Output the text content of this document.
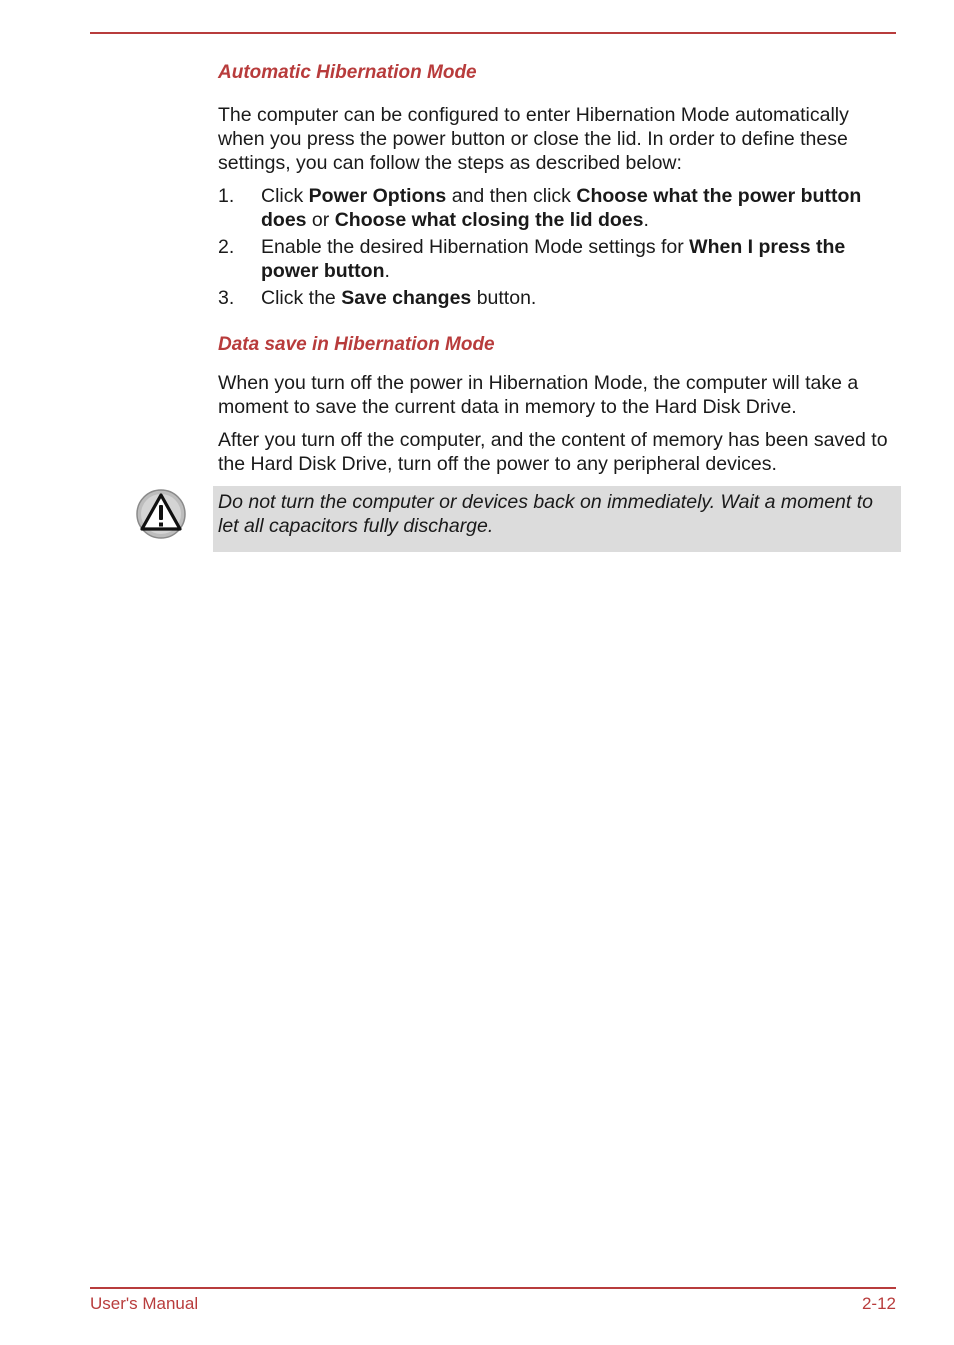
Automatic Hibernation Mode

The computer can be configured to enter Hibernation Mode automatically when you press the power button or close the lid. In order to define these settings, you can follow the steps as described below:

1.	Click Power Options and then click Choose what the power button does or Choose what closing the lid does.
2.	Enable the desired Hibernation Mode settings for When I press the power button.
3.	Click the Save changes button.
Data save in Hibernation Mode

When you turn off the power in Hibernation Mode, the computer will take a moment to save the current data in memory to the Hard Disk Drive.

After you turn off the computer, and the content of memory has been saved to the Hard Disk Drive, turn off the power to any peripheral devices.

Do not turn the computer or devices back on immediately. Wait a moment to let all capacitors fully discharge.

User's Manual	2-12
